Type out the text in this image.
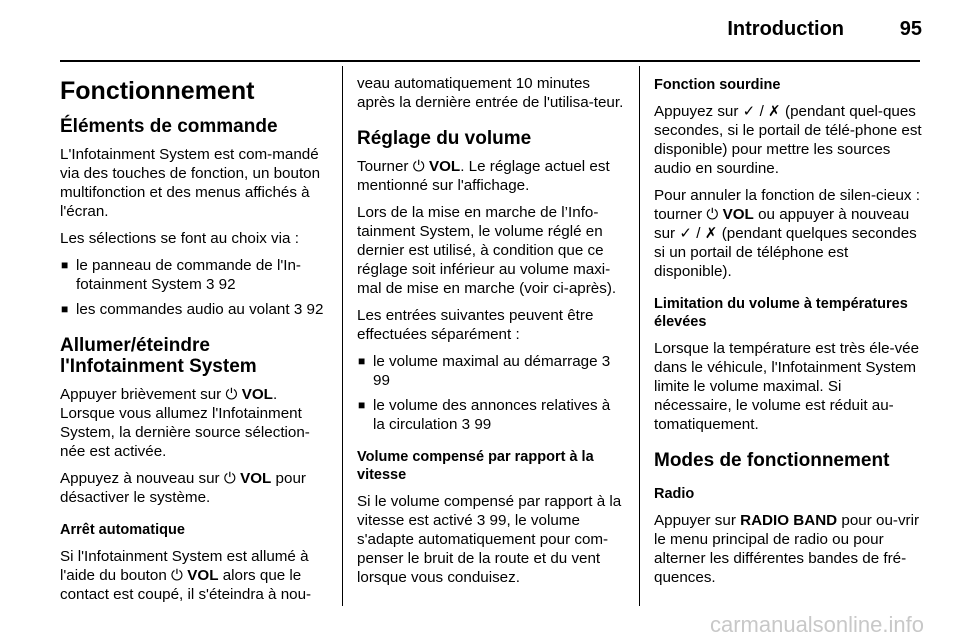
Introduction	95
Fonctionnement

Éléments de commande

L'Infotainment System est com-mandé via des touches de fonction, un bouton multifonction et des menus affichés à l'écran.

Les sélections se font au choix via :

■ le panneau de commande de l'In-fotainment System 3 92
■ les commandes audio au volant 3 92

Allumer/éteindre l'Infotainment System

Appuyer brièvement sur ⏻ VOL. Lorsque vous allumez l'Infotainment System, la dernière source sélection-née est activée.

Appuyez à nouveau sur ⏻ VOL pour désactiver le système.

Arrêt automatique

Si l'Infotainment System est allumé à l'aide du bouton ⏻ VOL alors que le contact est coupé, il s'éteindra à nou-

veau automatiquement 10 minutes après la dernière entrée de l'utilisa-teur.

Réglage du volume

Tourner ⏻ VOL. Le réglage actuel est mentionné sur l'affichage.

Lors de la mise en marche de l’Info-tainment System, le volume réglé en dernier est utilisé, à condition que ce réglage soit inférieur au volume maxi-mal de mise en marche (voir ci-après).

Les entrées suivantes peuvent être effectuées séparément :

■ le volume maximal au démarrage 3 99
■ le volume des annonces relatives à la circulation 3 99

Volume compensé par rapport à la vitesse

Si le volume compensé par rapport à la vitesse est activé 3 99, le volume s'adapte automatiquement pour com-penser le bruit de la route et du vent lorsque vous conduisez.

Fonction sourdine

Appuyez sur ✓ / ✗ (pendant quel-ques secondes, si le portail de télé-phone est disponible) pour mettre les sources audio en sourdine.

Pour annuler la fonction de silen-cieux : tourner ⏻ VOL ou appuyer à nouveau sur ✓ / ✗ (pendant quelques secondes si un portail de téléphone est disponible).

Limitation du volume à températures élevées

Lorsque la température est très éle-vée dans le véhicule, l'Infotainment System limite le volume maximal. Si nécessaire, le volume est réduit au-tomatiquement.

Modes de fonctionnement

Radio

Appuyer sur RADIO BAND pour ou-vrir le menu principal de radio ou pour alterner les différentes bandes de fré-quences.

carmanualsonline.info
